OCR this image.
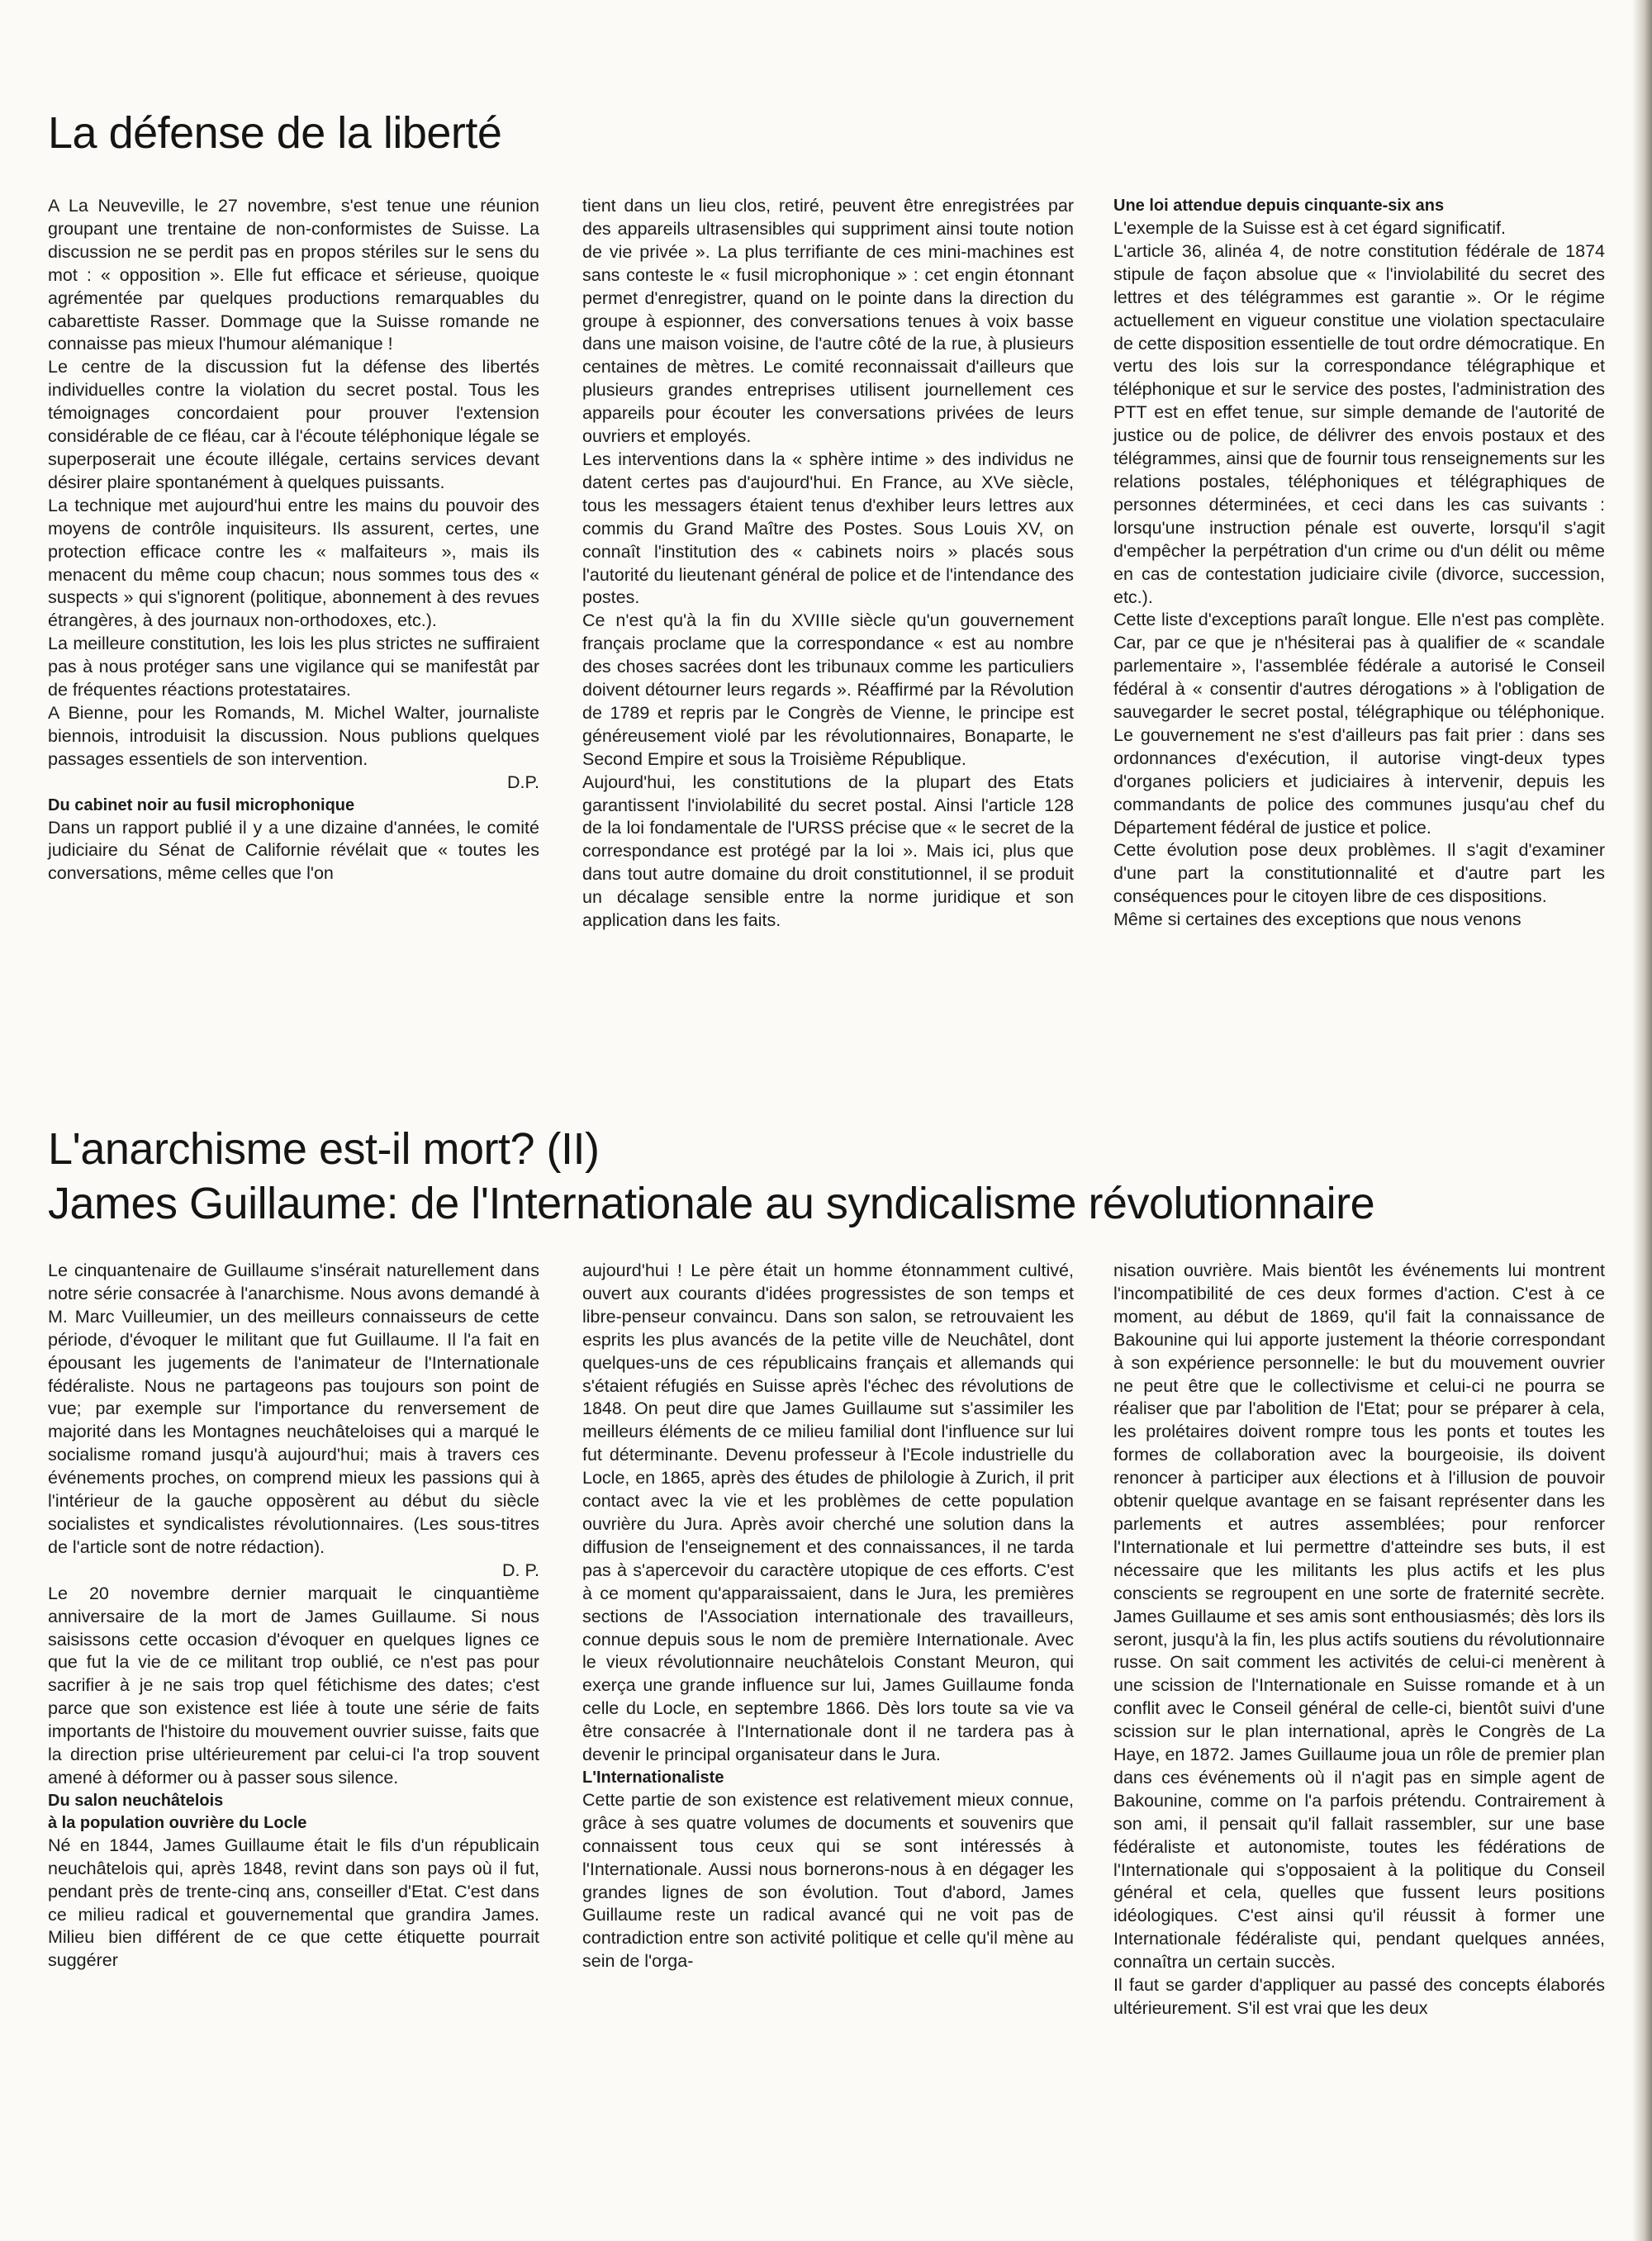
La défense de la liberté

A La Neuveville, le 27 novembre, s'est tenue une réunion groupant une trentaine de non-conformistes de Suisse. La discussion ne se perdit pas en propos stériles sur le sens du mot : « opposition ». Elle fut efficace et sérieuse, quoique agrémentée par quelques productions remarquables du cabarettiste Rasser. Dommage que la Suisse romande ne connaisse pas mieux l'humour alémanique !

Le centre de la discussion fut la défense des libertés individuelles contre la violation du secret postal. Tous les témoignages concordaient pour prouver l'extension considérable de ce fléau, car à l'écoute téléphonique légale se superposerait une écoute illégale, certains services devant désirer plaire spontanément à quelques puissants.

La technique met aujourd'hui entre les mains du pouvoir des moyens de contrôle inquisiteurs. Ils assurent, certes, une protection efficace contre les « malfaiteurs », mais ils menacent du même coup chacun; nous sommes tous des « suspects » qui s'ignorent (politique, abonnement à des revues étrangères, à des journaux non-orthodoxes, etc.).

La meilleure constitution, les lois les plus strictes ne suffiraient pas à nous protéger sans une vigilance qui se manifestât par de fréquentes réactions protestataires.

A Bienne, pour les Romands, M. Michel Walter, journaliste biennois, introduisit la discussion. Nous publions quelques passages essentiels de son intervention.

D.P.

Du cabinet noir au fusil microphonique

Dans un rapport publié il y a une dizaine d'années, le comité judiciaire du Sénat de Californie révélait que « toutes les conversations, même celles que l'on

tient dans un lieu clos, retiré, peuvent être enregistrées par des appareils ultrasensibles qui suppriment ainsi toute notion de vie privée ». La plus terrifiante de ces mini-machines est sans conteste le « fusil microphonique » : cet engin étonnant permet d'enregistrer, quand on le pointe dans la direction du groupe à espionner, des conversations tenues à voix basse dans une maison voisine, de l'autre côté de la rue, à plusieurs centaines de mètres. Le comité reconnaissait d'ailleurs que plusieurs grandes entreprises utilisent journellement ces appareils pour écouter les conversations privées de leurs ouvriers et employés.

Les interventions dans la « sphère intime » des individus ne datent certes pas d'aujourd'hui. En France, au XVe siècle, tous les messagers étaient tenus d'exhiber leurs lettres aux commis du Grand Maître des Postes. Sous Louis XV, on connaît l'institution des « cabinets noirs » placés sous l'autorité du lieutenant général de police et de l'intendance des postes.

Ce n'est qu'à la fin du XVIIIe siècle qu'un gouvernement français proclame que la correspondance « est au nombre des choses sacrées dont les tribunaux comme les particuliers doivent détourner leurs regards ». Réaffirmé par la Révolution de 1789 et repris par le Congrès de Vienne, le principe est généreusement violé par les révolutionnaires, Bonaparte, le Second Empire et sous la Troisième République.

Aujourd'hui, les constitutions de la plupart des Etats garantissent l'inviolabilité du secret postal. Ainsi l'article 128 de la loi fondamentale de l'URSS précise que « le secret de la correspondance est protégé par la loi ». Mais ici, plus que dans tout autre domaine du droit constitutionnel, il se produit un décalage sensible entre la norme juridique et son application dans les faits.

Une loi attendue depuis cinquante-six ans

L'exemple de la Suisse est à cet égard significatif.

L'article 36, alinéa 4, de notre constitution fédérale de 1874 stipule de façon absolue que « l'inviolabilité du secret des lettres et des télégrammes est garantie ». Or le régime actuellement en vigueur constitue une violation spectaculaire de cette disposition essentielle de tout ordre démocratique. En vertu des lois sur la correspondance télégraphique et téléphonique et sur le service des postes, l'administration des PTT est en effet tenue, sur simple demande de l'autorité de justice ou de police, de délivrer des envois postaux et des télégrammes, ainsi que de fournir tous renseignements sur les relations postales, téléphoniques et télégraphiques de personnes déterminées, et ceci dans les cas suivants : lorsqu'une instruction pénale est ouverte, lorsqu'il s'agit d'empêcher la perpétration d'un crime ou d'un délit ou même en cas de contestation judiciaire civile (divorce, succession, etc.).

Cette liste d'exceptions paraît longue. Elle n'est pas complète. Car, par ce que je n'hésiterai pas à qualifier de « scandale parlementaire », l'assemblée fédérale a autorisé le Conseil fédéral à « consentir d'autres dérogations » à l'obligation de sauvegarder le secret postal, télégraphique ou téléphonique. Le gouvernement ne s'est d'ailleurs pas fait prier : dans ses ordonnances d'exécution, il autorise vingt-deux types d'organes policiers et judiciaires à intervenir, depuis les commandants de police des communes jusqu'au chef du Département fédéral de justice et police.

Cette évolution pose deux problèmes. Il s'agit d'examiner d'une part la constitutionnalité et d'autre part les conséquences pour le citoyen libre de ces dispositions.

Même si certaines des exceptions que nous venons

L'anarchisme est-il mort? (II)
James Guillaume: de l'Internationale au syndicalisme révolutionnaire

Le cinquantenaire de Guillaume s'insérait naturellement dans notre série consacrée à l'anarchisme. Nous avons demandé à M. Marc Vuilleumier, un des meilleurs connaisseurs de cette période, d'évoquer le militant que fut Guillaume. Il l'a fait en épousant les jugements de l'animateur de l'Internationale fédéraliste. Nous ne partageons pas toujours son point de vue; par exemple sur l'importance du renversement de majorité dans les Montagnes neuchâteloises qui a marqué le socialisme romand jusqu'à aujourd'hui; mais à travers ces événements proches, on comprend mieux les passions qui à l'intérieur de la gauche opposèrent au début du siècle socialistes et syndicalistes révolutionnaires. (Les sous-titres de l'article sont de notre rédaction).

D. P.

Le 20 novembre dernier marquait le cinquantième anniversaire de la mort de James Guillaume. Si nous saisissons cette occasion d'évoquer en quelques lignes ce que fut la vie de ce militant trop oublié, ce n'est pas pour sacrifier à je ne sais trop quel fétichisme des dates; c'est parce que son existence est liée à toute une série de faits importants de l'histoire du mouvement ouvrier suisse, faits que la direction prise ultérieurement par celui-ci l'a trop souvent amené à déformer ou à passer sous silence.

Du salon neuchâtelois
à la population ouvrière du Locle

Né en 1844, James Guillaume était le fils d'un républicain neuchâtelois qui, après 1848, revint dans son pays où il fut, pendant près de trente-cinq ans, conseiller d'Etat. C'est dans ce milieu radical et gouvernemental que grandira James. Milieu bien différent de ce que cette étiquette pourrait suggérer

aujourd'hui ! Le père était un homme étonnamment cultivé, ouvert aux courants d'idées progressistes de son temps et libre-penseur convaincu. Dans son salon, se retrouvaient les esprits les plus avancés de la petite ville de Neuchâtel, dont quelques-uns de ces républicains français et allemands qui s'étaient réfugiés en Suisse après l'échec des révolutions de 1848. On peut dire que James Guillaume sut s'assimiler les meilleurs éléments de ce milieu familial dont l'influence sur lui fut déterminante. Devenu professeur à l'Ecole industrielle du Locle, en 1865, après des études de philologie à Zurich, il prit contact avec la vie et les problèmes de cette population ouvrière du Jura. Après avoir cherché une solution dans la diffusion de l'enseignement et des connaissances, il ne tarda pas à s'apercevoir du caractère utopique de ces efforts. C'est à ce moment qu'apparaissaient, dans le Jura, les premières sections de l'Association internationale des travailleurs, connue depuis sous le nom de première Internationale. Avec le vieux révolutionnaire neuchâtelois Constant Meuron, qui exerça une grande influence sur lui, James Guillaume fonda celle du Locle, en septembre 1866. Dès lors toute sa vie va être consacrée à l'Internationale dont il ne tardera pas à devenir le principal organisateur dans le Jura.

L'Internationaliste

Cette partie de son existence est relativement mieux connue, grâce à ses quatre volumes de documents et souvenirs que connaissent tous ceux qui se sont intéressés à l'Internationale. Aussi nous bornerons-nous à en dégager les grandes lignes de son évolution. Tout d'abord, James Guillaume reste un radical avancé qui ne voit pas de contradiction entre son activité politique et celle qu'il mène au sein de l'orga-

nisation ouvrière. Mais bientôt les événements lui montrent l'incompatibilité de ces deux formes d'action. C'est à ce moment, au début de 1869, qu'il fait la connaissance de Bakounine qui lui apporte justement la théorie correspondant à son expérience personnelle: le but du mouvement ouvrier ne peut être que le collectivisme et celui-ci ne pourra se réaliser que par l'abolition de l'Etat; pour se préparer à cela, les prolétaires doivent rompre tous les ponts et toutes les formes de collaboration avec la bourgeoisie, ils doivent renoncer à participer aux élections et à l'illusion de pouvoir obtenir quelque avantage en se faisant représenter dans les parlements et autres assemblées; pour renforcer l'Internationale et lui permettre d'atteindre ses buts, il est nécessaire que les militants les plus actifs et les plus conscients se regroupent en une sorte de fraternité secrète. James Guillaume et ses amis sont enthousiasmés; dès lors ils seront, jusqu'à la fin, les plus actifs soutiens du révolutionnaire russe. On sait comment les activités de celui-ci menèrent à une scission de l'Internationale en Suisse romande et à un conflit avec le Conseil général de celle-ci, bientôt suivi d'une scission sur le plan international, après le Congrès de La Haye, en 1872. James Guillaume joua un rôle de premier plan dans ces événements où il n'agit pas en simple agent de Bakounine, comme on l'a parfois prétendu. Contrairement à son ami, il pensait qu'il fallait rassembler, sur une base fédéraliste et autonomiste, toutes les fédérations de l'Internationale qui s'opposaient à la politique du Conseil général et cela, quelles que fussent leurs positions idéologiques. C'est ainsi qu'il réussit à former une Internationale fédéraliste qui, pendant quelques années, connaîtra un certain succès.

Il faut se garder d'appliquer au passé des concepts élaborés ultérieurement. S'il est vrai que les deux
